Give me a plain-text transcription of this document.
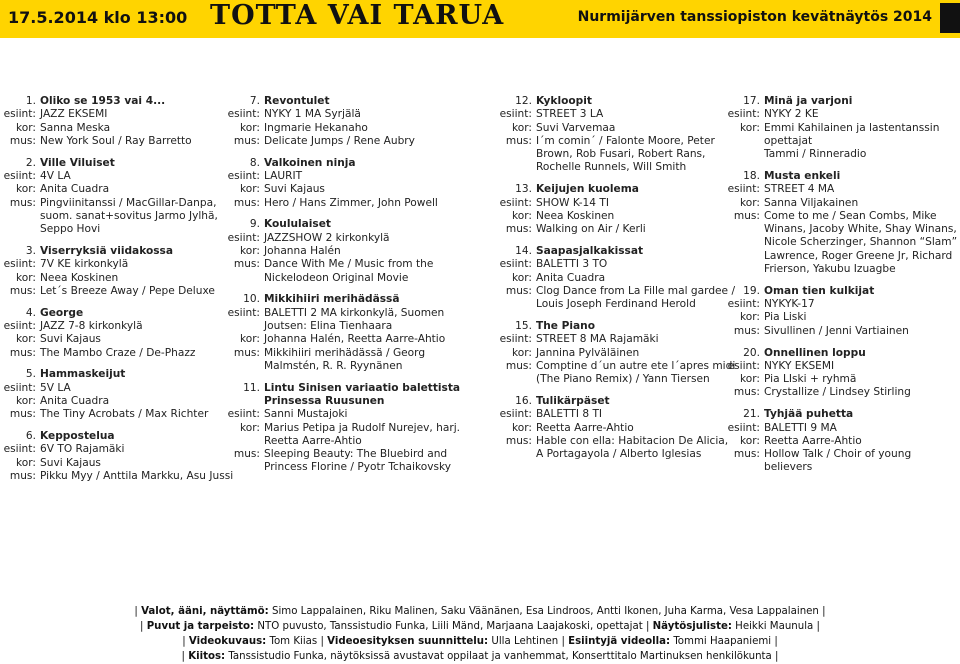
17.5.2014 klo 13:00 TOTTA VAI TARUA	Nurmijärven tanssiopiston kevätnäytös 2014
1. Oliko se 1953 vai 4...
esiint: JAZZ EKSEMI
kor: Sanna Meska
mus: New York Soul / Ray Barretto
2. Ville Viluiset
esiint: 4V LA
kor: Anita Cuadra
mus: Pingviinitanssi / MacGillar-Danpa, suom. sanat+sovitus Jarmo Jylhä, Seppo Hovi
3. Viserryksiä viidakossa
esiint: 7V KE kirkonkylä
kor: Neea Koskinen
mus: Let´s Breeze Away / Pepe Deluxe
4. George
esiint: JAZZ 7-8 kirkonkylä
kor: Suvi Kajaus
mus: The Mambo Craze / De-Phazz
5. Hammaskeijut
esiint: 5V LA
kor: Anita Cuadra
mus: The Tiny Acrobats / Max Richter
6. Keppostelua
esiint: 6V TO Rajamäki
kor: Suvi Kajaus
mus: Pikku Myy / Anttila Markku, Asu Jussi
7. Revontulet
esiint: NYKY 1 MA Syrjälä
kor: Ingmarie Hekanaho
mus: Delicate Jumps / Rene Aubry
8. Valkoinen ninja
esiint: LAURIT
kor: Suvi Kajaus
mus: Hero / Hans Zimmer, John Powell
9. Koululaiset
esiint: JAZZSHOW 2 kirkonkylä
kor: Johanna Halén
mus: Dance With Me / Music from the Nickelodeon Original Movie
10. Mikkihiiri merihädässä
esiint: BALETTI 2 MA kirkonkylä, Suomen Joutsen: Elina Tienhaara
kor: Johanna Halén, Reetta Aarre-Ahtio
mus: Mikkihiiri merihädässä / Georg Malmstén, R. R. Ryynänen
11. Lintu Sinisen variaatio balettista Prinsessa Ruusunen
esiint: Sanni Mustajoki
kor: Marius Petipa ja Rudolf Nurejev, harj. Reetta Aarre-Ahtio
mus: Sleeping Beauty: The Bluebird and Princess Florine / Pyotr Tchaikovsky
12. Kykloopit
esiint: STREET 3 LA
kor: Suvi Varvemaa
mus: I´m comin´ / Falonte Moore, Peter Brown, Rob Fusari, Robert Rans, Rochelle Runnels, Will Smith
13. Keijujen kuolema
esiint: SHOW K-14 TI
kor: Neea Koskinen
mus: Walking on Air / Kerli
14. Saapasjalkakissat
esiint: BALETTI 3 TO
kor: Anita Cuadra
mus: Clog Dance from La Fille mal gardee / Louis Joseph Ferdinand Herold
15. The Piano
esiint: STREET 8 MA Rajamäki
kor: Jannina Pylväläinen
mus: Comptine d´un autre ete l´apres midi (The Piano Remix) / Yann Tiersen
16. Tulikärpäset
esiint: BALETTI 8 TI
kor: Reetta Aarre-Ahtio
mus: Hable con ella: Habitacion De Alicia, A Portagayola / Alberto Iglesias
17. Minä ja varjoni
esiint: NYKY 2 KE
kor: Emmi Kahilainen ja lastentanssin opettajat
Tammi / Rinneradio
18. Musta enkeli
esiint: STREET 4 MA
kor: Sanna Viljakainen
mus: Come to me / Sean Combs, Mike Winans, Jacoby White, Shay Winans, Nicole Scherzinger, Shannon “Slam” Lawrence, Roger Greene Jr, Richard Frierson, Yakubu Izuagbe
19. Oman tien kulkijat
esiint: NYKYK-17
kor: Pia Liski
mus: Sivullinen / Jenni Vartiainen
20. Onnellinen loppu
esiint: NYKY EKSEMI
kor: Pia LIski + ryhmä
mus: Crystallize / Lindsey Stirling
21. Tyhjää puhetta
esiint: BALETTI 9 MA
kor: Reetta Aarre-Ahtio
mus: Hollow Talk / Choir of young believers
| Valot, ääni, näyttämö: Simo Lappalainen, Riku Malinen, Saku Väänänen, Esa Lindroos, Antti Ikonen, Juha Karma, Vesa Lappalainen |
| Puvut ja tarpeisto: NTO puvusto, Tanssistudio Funka, Liili Mänd, Marjaana Laajakoski, opettajat | Näytösjuliste: Heikki Maunula |
| Videokuvaus: Tom Kiias | Videoesityksen suunnittelu: Ulla Lehtinen | Esiintyjä videolla: Tommi Haapaniemi |
| Kiitos: Tanssistudio Funka, näytöksissä avustavat oppilaat ja vanhemmat, Konserttitalo Martinuksen henkilökunta |
